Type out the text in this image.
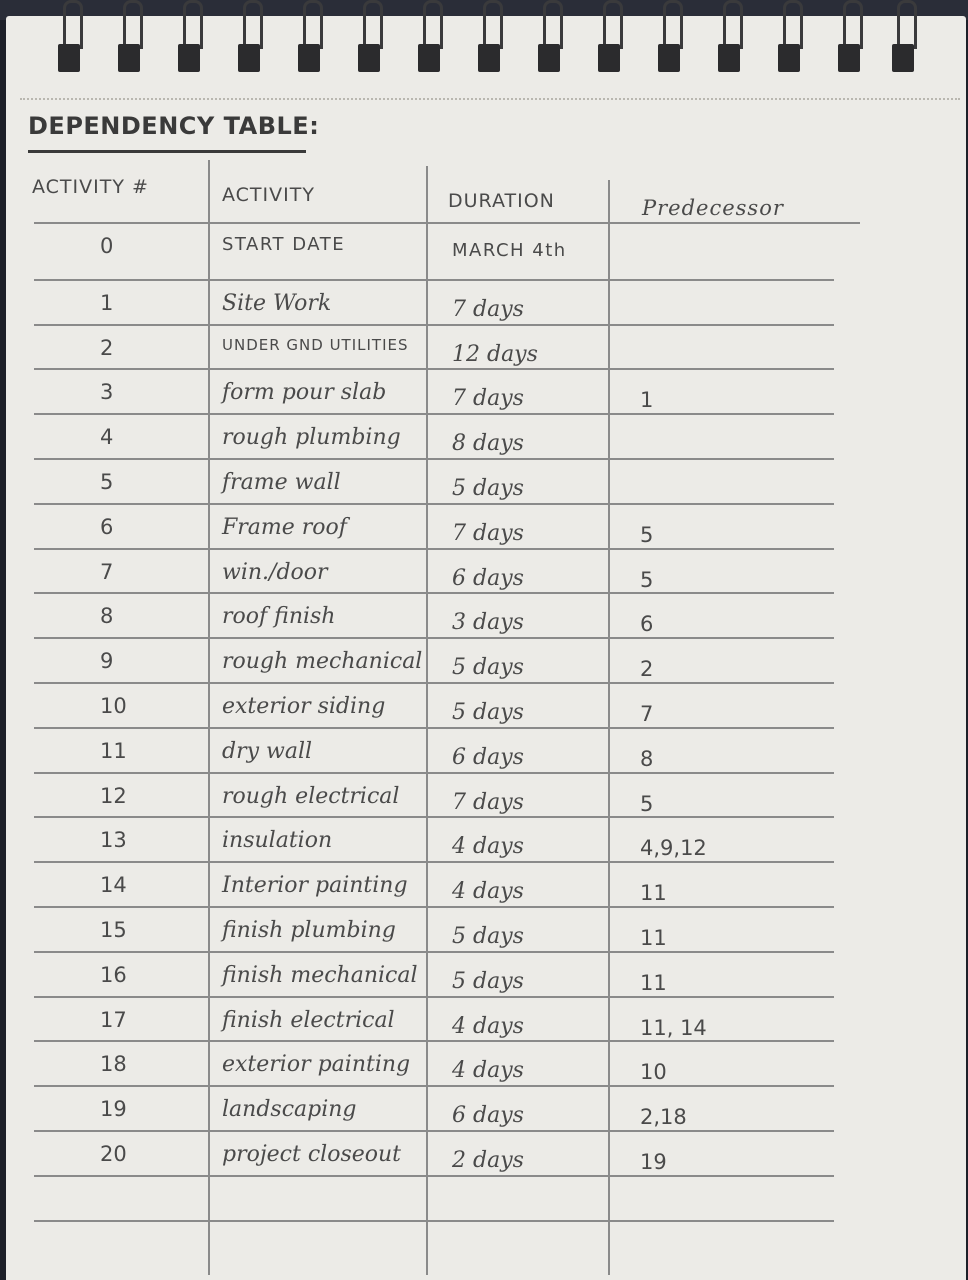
DEPENDENCY TABLE:
ACTIVITY #	ACTIVITY	DURATION	Predecessor
0	START DATE	MARCH 4th
1	Site Work	7 days
2	UNDER GND UTILITIES 12 days
3	form pour slab	7 days	1
4	rough plumbing 8 days
5	frame wall	5 days
6	Frame roof	7 days	5
7	win./door	6 days	5
8	roof finish	3 days	6
9	rough mechanical 5 days	2
10	exterior siding	5 days	7
11	dry wall	6 days	8
12	rough electrical 7 days	5
13	insulation	4 days	4,9,12
14	Interior painting 4 days	11
15	finish plumbing	5 days	11
16	finish mechanical 5 days	11
17	finish electrical	4 days	11, 14
18	exterior painting 4 days	10
19	landscaping	6 days	2,18
20	project closeout 2 days	19
